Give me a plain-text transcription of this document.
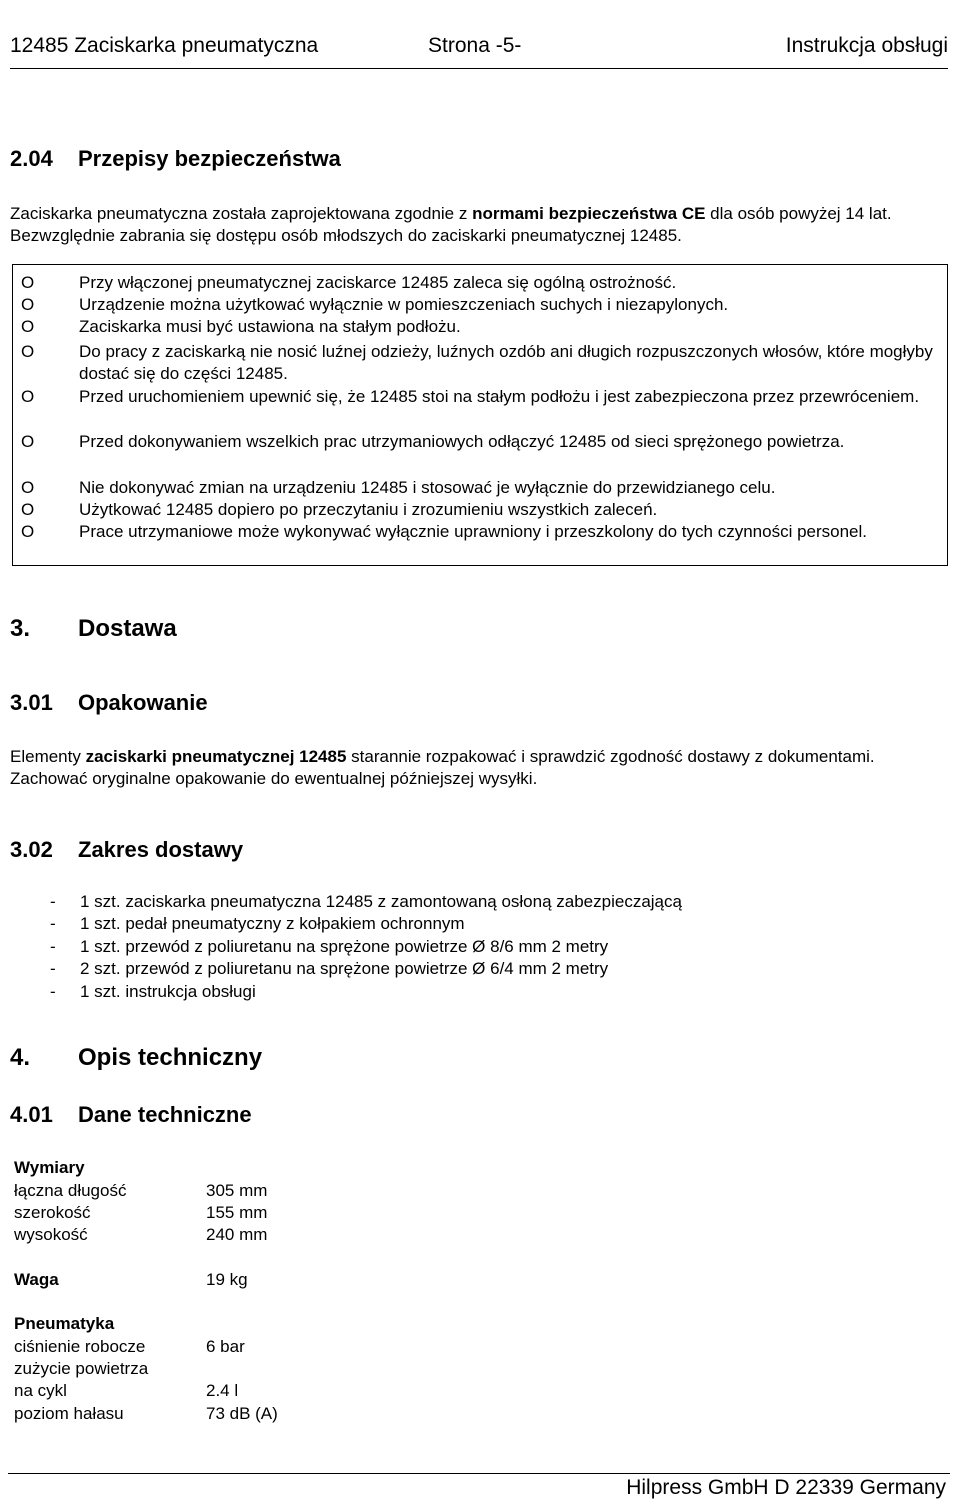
12485 Zaciskarka pneumatyczna	Strona -5-	Instrukcja obsługi
2.04 Przepisy bezpieczeństwa
Zaciskarka pneumatyczna została zaprojektowana zgodnie z normami bezpieczeństwa CE dla osób powyżej 14 lat. Bezwzględnie zabrania się dostępu osób młodszych do zaciskarki pneumatycznej 12485.
O	Przy włączonej pneumatycznej zaciskarce 12485 zaleca się ogólną ostrożność.
O	Urządzenie można użytkować wyłącznie w pomieszczeniach suchych i niezapylonych.
O	Zaciskarka musi być ustawiona na stałym podłożu.
O	Do pracy z zaciskarką nie nosić luźnej odzieży, luźnych ozdób ani długich rozpuszczonych włosów, które mogłyby dostać się do części 12485.
O	Przed uruchomieniem upewnić się, że 12485 stoi na stałym podłożu i jest zabezpieczona przez przewróceniem.
O	Przed dokonywaniem wszelkich prac utrzymaniowych odłączyć 12485 od sieci sprężonego powietrza.
O	Nie dokonywać zmian na urządzeniu 12485 i stosować je wyłącznie do przewidzianego celu.
O	Użytkować 12485 dopiero po przeczytaniu i zrozumieniu wszystkich zaleceń.
O	Prace utrzymaniowe może wykonywać wyłącznie uprawniony i przeszkolony do tych czynności personel.
3. Dostawa
3.01 Opakowanie
Elementy zaciskarki pneumatycznej 12485 starannie rozpakować i sprawdzić zgodność dostawy z dokumentami. Zachować oryginalne opakowanie do ewentualnej późniejszej wysyłki.
3.02 Zakres dostawy
- 1 szt. zaciskarka pneumatyczna 12485 z zamontowaną osłoną zabezpieczającą
- 1 szt. pedał pneumatyczny z kołpakiem ochronnym
- 1 szt. przewód z poliuretanu na sprężone powietrze Ø 8/6 mm 2 metry
- 2 szt. przewód z poliuretanu na sprężone powietrze Ø 6/4 mm 2 metry
- 1 szt. instrukcja obsługi
4. Opis techniczny
4.01 Dane techniczne
Wymiary
łączna długość	305 mm
szerokość	155 mm
wysokość	240 mm
Waga	19 kg
Pneumatyka
ciśnienie robocze	6 bar
zużycie powietrza
na cykl	2.4 l
poziom hałasu	73 dB (A)
Hilpress GmbH D 22339 Germany
